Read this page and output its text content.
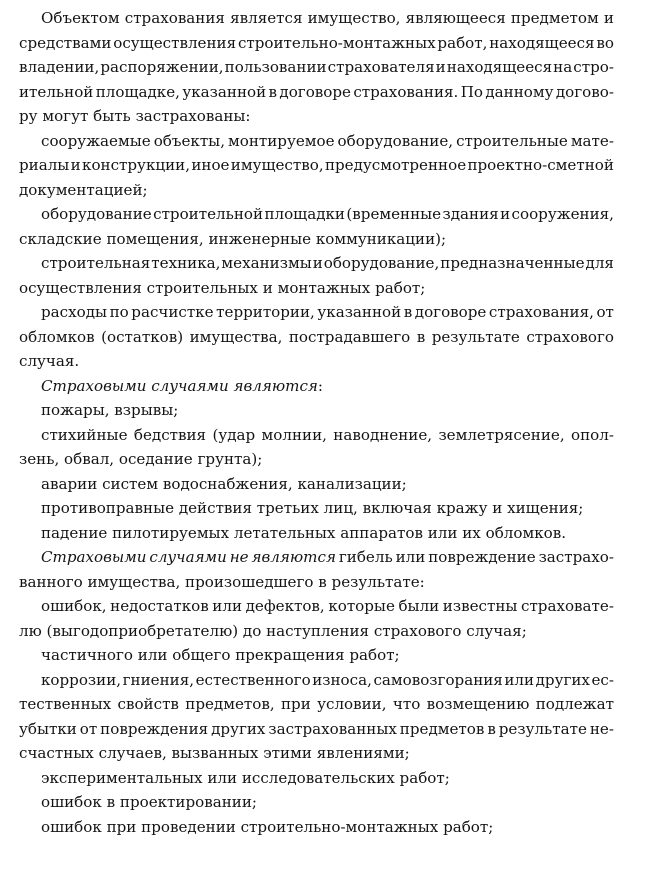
Объектом страхования является имущество, являющееся предметом и
средствами осуществления строительно-монтажных работ, находящееся во
владении, распоряжении, пользовании страхователя и находящееся на стро-
ительной площадке, указанной в договоре страхования. По данному догово-
ру могут быть застрахованы:
сооружаемые объекты, монтируемое оборудование, строительные мате-
риалы и конструкции, иное имущество, предусмотренное проектно-сметной
документацией;
оборудование строительной площадки (временные здания и сооружения,
складские помещения, инженерные коммуникации);
строительная техника, механизмы и оборудование, предназначенные для
осуществления строительных и монтажных работ;
расходы по расчистке территории, указанной в договоре страхования, от
обломков (остатков) имущества, пострадавшего в результате страхового
случая.
Страховыми случаями являются:
пожары, взрывы;
стихийные бедствия (удар молнии, наводнение, землетрясение, опол-
зень, обвал, оседание грунта);
аварии систем водоснабжения, канализации;
противоправные действия третьих лиц, включая кражу и хищения;
падение пилотируемых летательных аппаратов или их обломков.
Страховыми случаями не являются гибель или повреждение застрахо-
ванного имущества, произошедшего в результате:
ошибок, недостатков или дефектов, которые были известны страховате-
лю (выгодоприобретателю) до наступления страхового случая;
частичного или общего прекращения работ;
коррозии, гниения, естественного износа, самовозгорания или других ес-
тественных свойств предметов, при условии, что возмещению подлежат
убытки от повреждения других застрахованных предметов в результате не-
счастных случаев, вызванных этими явлениями;
экспериментальных или исследовательских работ;
ошибок в проектировании;
ошибок при проведении строительно-монтажных работ;
